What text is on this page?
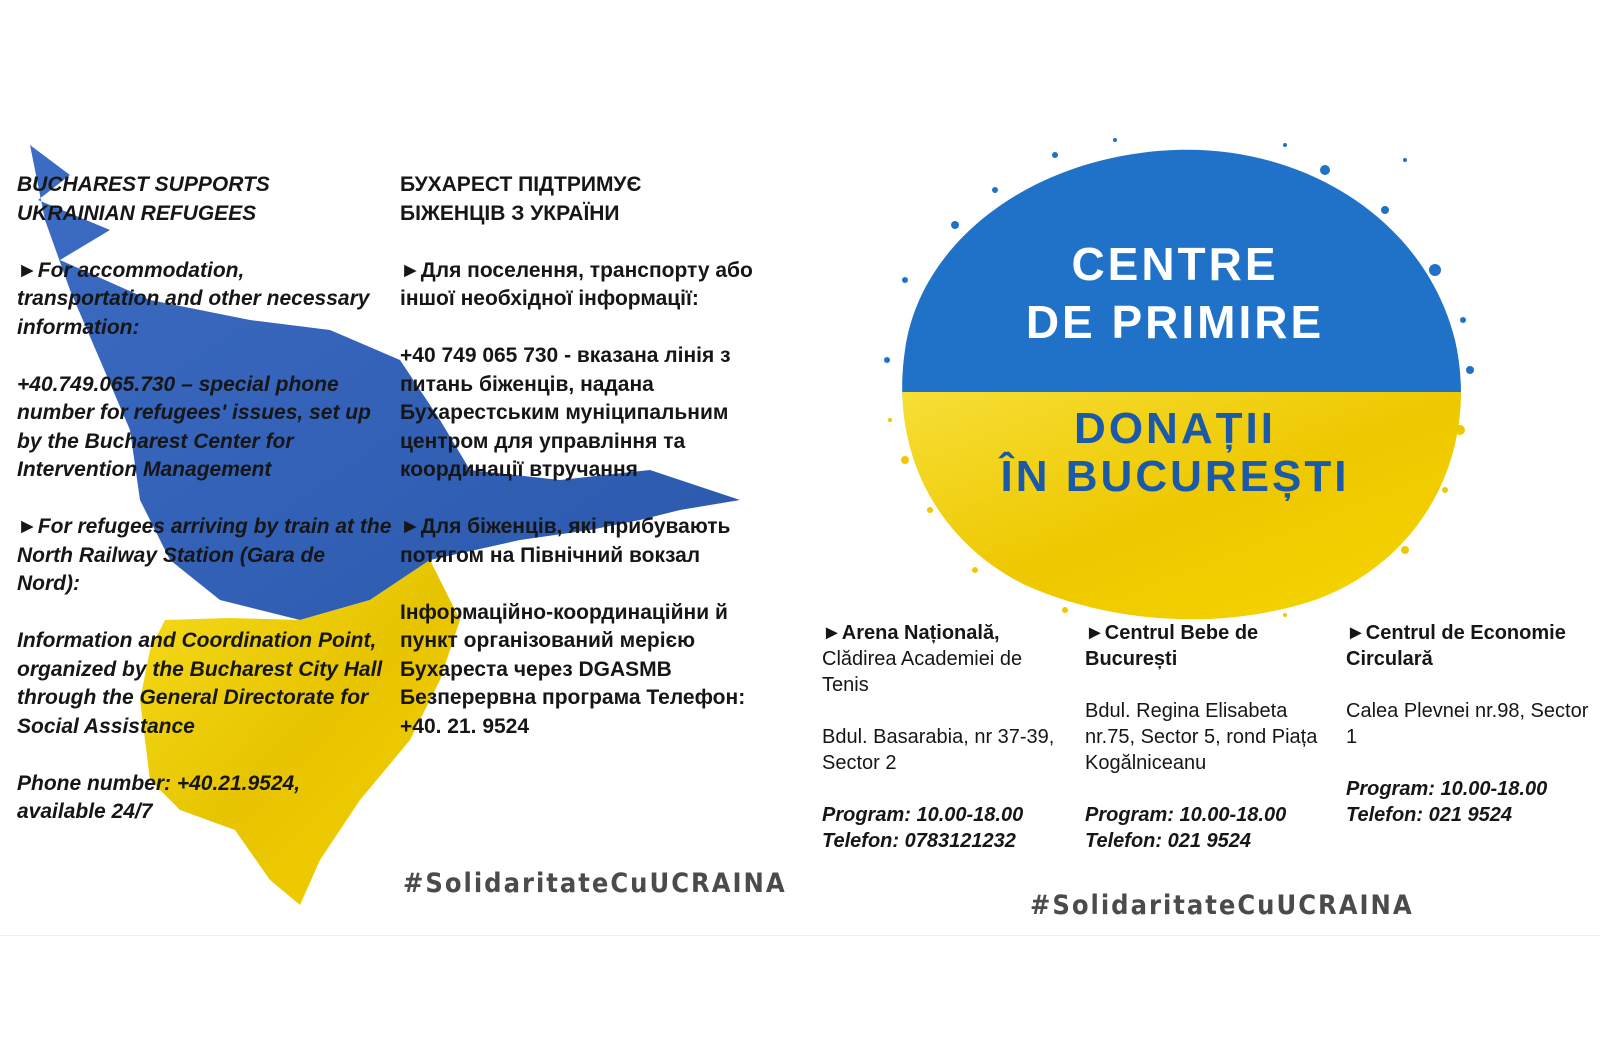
BUCHAREST SUPPORTS
UKRAINIAN REFUGEES

►For accommodation, transportation and other necessary information:

+40.749.065.730 – special phone number for refugees' issues, set up by the Bucharest Center for Intervention Management

►For refugees arriving by train at the North Railway Station (Gara de Nord):

Information and Coordination Point, organized by the Bucharest City Hall through the General Directorate for Social Assistance

Phone number: +40.21.9524, available 24/7

БУХАРЕСТ ПІДТРИМУЄ
БІЖЕНЦІВ З УКРАЇНИ

►Для поселення, транспорту або іншої необхідної інформації:

+40 749 065 730 - вказана лінія з питань біженців, надана Бухарестським муніципальним центром для управління та координації втручання

►Для біженців, які прибувають потягом на Північний вокзал

Інформаційно-координаційни й пункт організований мерією Бухареста через DGASMB Безперервна програма Телефон: +40. 21. 9524

#SolidaritateCuUCRAINA
CENTRE
DE PRIMIRE
DONAȚII
ÎN BUCUREȘTI
►Arena Națională,
Clădirea Academiei de Tenis
Bdul. Basarabia, nr 37-39, Sector 2
Program: 10.00-18.00
Telefon: 0783121232
►Centrul Bebe de București
Bdul. Regina Elisabeta nr.75, Sector 5, rond Piața Kogălniceanu
Program: 10.00-18.00
Telefon: 021 9524
►Centrul de Economie Circulară
Calea Plevnei nr.98, Sector 1
Program: 10.00-18.00
Telefon: 021 9524
#SolidaritateCuUCRAINA
